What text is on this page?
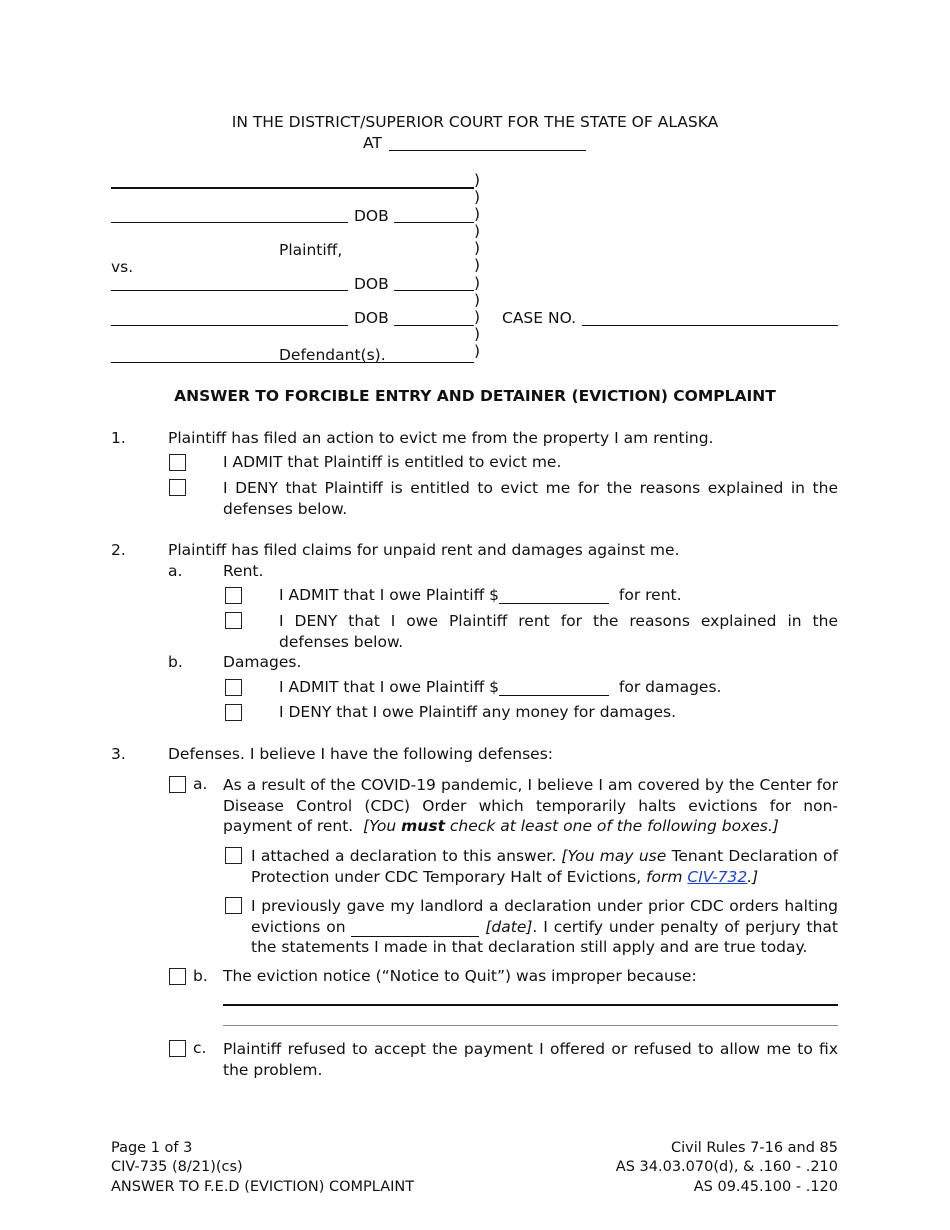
IN THE DISTRICT/SUPERIOR COURT FOR THE STATE OF ALASKA
AT
DOB
Plaintiff,
vs.
DOB
DOB	CASE NO.
Defendant(s).
)
)
)
)
)
)
)
)
)
)
)
ANSWER TO FORCIBLE ENTRY AND DETAINER (EVICTION) COMPLAINT
1.	Plaintiff has filed an action to evict me from the property I am renting.
I ADMIT that Plaintiff is entitled to evict me.
I DENY that Plaintiff is entitled to evict me for the reasons explained in the defenses below.
2.	Plaintiff has filed claims for unpaid rent and damages against me.
a.	Rent.
I ADMIT that I owe Plaintiff $	for rent.
I DENY that I owe Plaintiff rent for the reasons explained in the defenses below.
b.	Damages.
I ADMIT that I owe Plaintiff $	for damages.
I DENY that I owe Plaintiff any money for damages.
3.	Defenses. I believe I have the following defenses:
a. As a result of the COVID-19 pandemic, I believe I am covered by the Center for Disease Control (CDC) Order which temporarily halts evictions for non-payment of rent. [You must check at least one of the following boxes.]
I attached a declaration to this answer. [You may use Tenant Declaration of Protection under CDC Temporary Halt of Evictions, form CIV-732.]
I previously gave my landlord a declaration under prior CDC orders halting evictions on	[date]. I certify under penalty of perjury that the statements I made in that declaration still apply and are true today.
b. The eviction notice (“Notice to Quit”) was improper because:
c. Plaintiff refused to accept the payment I offered or refused to allow me to fix the problem.
Page 1 of 3
CIV-735 (8/21)(cs)
ANSWER TO F.E.D (EVICTION) COMPLAINT
Civil Rules 7-16 and 85
AS 34.03.070(d), & .160 - .210
AS 09.45.100 - .120
